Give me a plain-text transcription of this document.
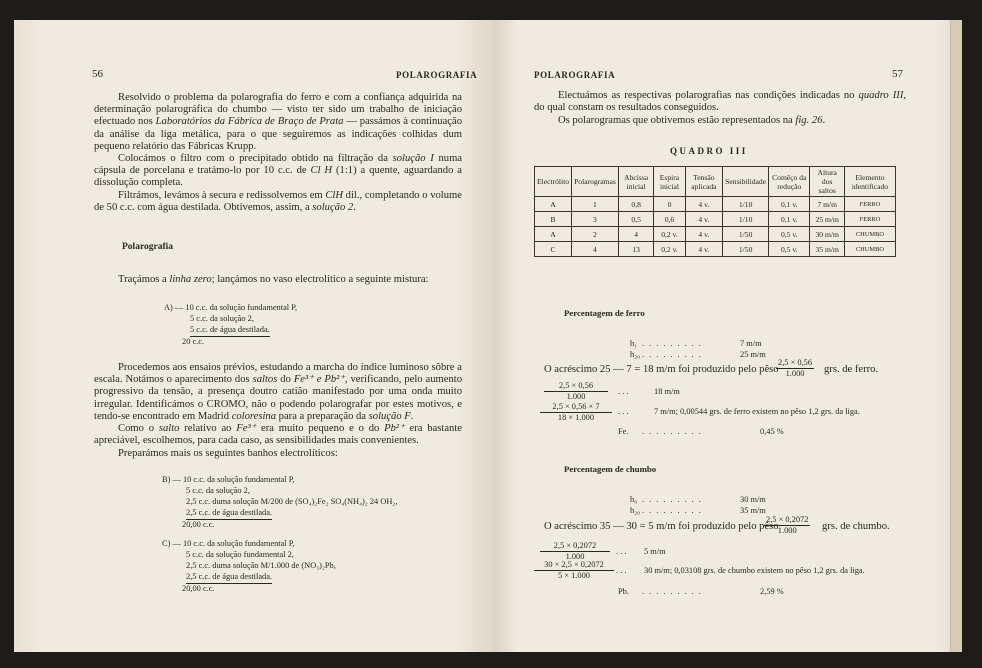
56	POLAROGRAFIA

Resolvido o problema da polarografia do ferro e com a confiança adquirida na determinação polarográfica do chumbo — visto ter sido um trabalho de iniciação efectuado nos Laboratórios da Fábrica de Braço de Prata — passámos à continuação da análise da liga metálica, para o que seguiremos as indicações colhidas dum pequeno relatório das Fábricas Krupp.

Colocámos o filtro com o precipitado obtido na filtração da solução I numa cápsula de porcelana e tratámo-lo por 10 c.c. de Cl H (1:1) a quente, aguardando a dissolução completa.

Filtrámos, levámos à secura e redissolvemos em ClH dil., completando o volume de 50 c.c. com água destilada. Obtivemos, assim, a solução 2.

Polarografia

Traçámos a linha zero; lançámos no vaso electrolítico a seguinte mistura:

A) — 10 c.c. da solução fundamental P,
5 c.c. da solução 2,
5 c.c. de água destilada.
20 c.c.

Procedemos aos ensaios prévios, estudando a marcha do índice luminoso sôbre a escala. Notámos o aparecimento dos saltos do Fe³⁺ e Pb²⁺, verificando, pelo aumento progressivo da tensão, a presença doutro catião manifestado por uma onda muito irregular. Identificámos o CROMO, não o podendo polarografar por estes motivos, e tendo-se encontrado em Madrid coloresina para a preparação da solução F.

Como o salto relativo ao Fe³⁺ era muito pequeno e o do Pb²⁺ era bastante apreciável, escolhemos, para cada caso, as sensibilidades mais convenientes.

Preparámos mais os seguintes banhos electrolíticos:

B) — 10 c.c. da solução fundamental P,
5 c.c. da solução 2,
2,5 c.c. duma solução M/200 de (SO₄)₂Fe₂ SO₄(NH₄)₂ 24 OH₂,
2,5 c.c. de água destilada.
20,00 c.c.
C) — 10 c.c. da solução fundamental P,
5 c.c. da solução fundamental 2,
2,5 c.c. duma solução M/1.000 de (NO₃)₂Pb,
2,5 c.c. de água destilada.
20,00 c.c.
POLAROGRAFIA	57

Electuámos as respectivas polarografias nas condições indicadas no quadro III, do qual constam os resultados conseguidos.

Os polarogramas que obtivemos estão representados na fig. 26.

QUADRO III
Electrólito	Polarogramas	Abcissa inicial	Espira inicial	Tensão aplicada	Sensibilidade	Comêço da redução	Altura dos saltos	Elemento identificado
A	1	0,8	0	4 v.	1/10	0,1 v.	7 m/m	FERRO
B	3	0,5	0,6	4 v.	1/10	0,1 v.	25 m/m	FERRO
A	2	4	0,2 v.	4 v.	1/50	0,5 v.	30 m/m	CHUMBO
C	4	13	0,2 v.	4 v.	1/50	0,5 v.	35 m/m	CHUMBO
Percentagem de ferro
h₁ .........	7 m/m
h₂₀ .........	25 m/m
O acréscimo 25 — 7 = 18 m/m foi produzido pelo pêso
$\frac{2,5 \times 0,56}{1.000}$ grs. de ferro.
$\frac{2,5 \times 0,56}{1.000}$ . . .	18 m/m
$\frac{2,5 \times 0,56 \times 7}{18 \times 1.000}$ . . .	7 m/m; 0,00544 grs. de ferro existem no pêso 1,2 grs. da liga.
Fe. .........	0,45 %
Percentagem de chumbo
h₀ .........	30 m/m
h₂₀ .........	35 m/m
O acréscimo 35 — 30 = 5 m/m foi produzido pelo pêso
$\frac{2,5 \times 0,2072}{1.000}$ grs. de chumbo.
$\frac{2,5 \times 0,2072}{1.000}$ . . . 5 m/m
$\frac{30 \times 2,5 \times 0,2072}{5 \times 1.000}$ . . . 30 m/m; 0,03108 grs. de chumbo existem no pêso 1,2 grs. da liga.
Pb. .........	2,59 %
